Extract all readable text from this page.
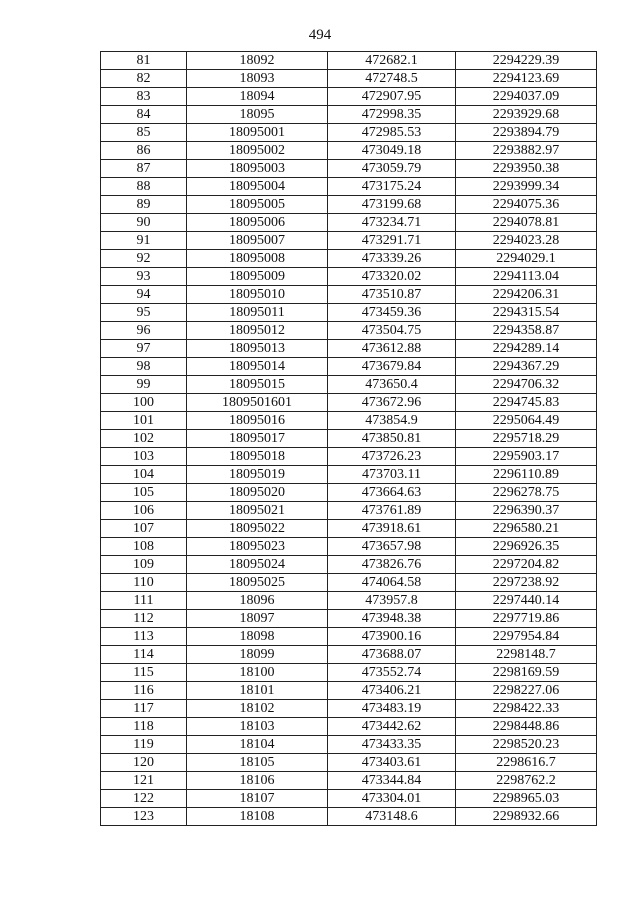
494
81	18092	472682.1	2294229.39
82	18093	472748.5	2294123.69
83	18094	472907.95	2294037.09
84	18095	472998.35	2293929.68
85	18095001	472985.53	2293894.79
86	18095002	473049.18	2293882.97
87	18095003	473059.79	2293950.38
88	18095004	473175.24	2293999.34
89	18095005	473199.68	2294075.36
90	18095006	473234.71	2294078.81
91	18095007	473291.71	2294023.28
92	18095008	473339.26	2294029.1
93	18095009	473320.02	2294113.04
94	18095010	473510.87	2294206.31
95	18095011	473459.36	2294315.54
96	18095012	473504.75	2294358.87
97	18095013	473612.88	2294289.14
98	18095014	473679.84	2294367.29
99	18095015	473650.4	2294706.32
100	1809501601	473672.96	2294745.83
101	18095016	473854.9	2295064.49
102	18095017	473850.81	2295718.29
103	18095018	473726.23	2295903.17
104	18095019	473703.11	2296110.89
105	18095020	473664.63	2296278.75
106	18095021	473761.89	2296390.37
107	18095022	473918.61	2296580.21
108	18095023	473657.98	2296926.35
109	18095024	473826.76	2297204.82
110	18095025	474064.58	2297238.92
111	18096	473957.8	2297440.14
112	18097	473948.38	2297719.86
113	18098	473900.16	2297954.84
114	18099	473688.07	2298148.7
115	18100	473552.74	2298169.59
116	18101	473406.21	2298227.06
117	18102	473483.19	2298422.33
118	18103	473442.62	2298448.86
119	18104	473433.35	2298520.23
120	18105	473403.61	2298616.7
121	18106	473344.84	2298762.2
122	18107	473304.01	2298965.03
123	18108	473148.6	2298932.66
